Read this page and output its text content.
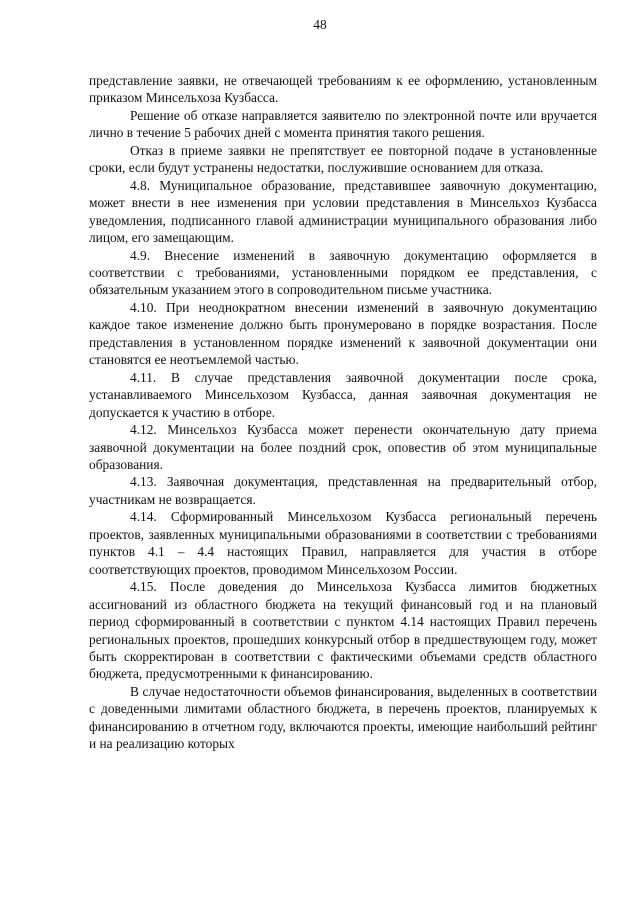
48

представление заявки, не отвечающей требованиям к ее оформлению, установленным приказом Минсельхоза Кузбасса.

Решение об отказе направляется заявителю по электронной почте или вручается лично в течение 5 рабочих дней с момента принятия такого решения.

Отказ в приеме заявки не препятствует ее повторной подаче в установленные сроки, если будут устранены недостатки, послужившие основанием для отказа.

4.8. Муниципальное образование, представившее заявочную документацию, может внести в нее изменения при условии представления в Минсельхоз Кузбасса уведомления, подписанного главой администрации муниципального образования либо лицом, его замещающим.

4.9. Внесение изменений в заявочную документацию оформляется в соответствии с требованиями, установленными порядком ее представления, с обязательным указанием этого в сопроводительном письме участника.

4.10. При неоднократном внесении изменений в заявочную документацию каждое такое изменение должно быть пронумеровано в порядке возрастания. После представления в установленном порядке изменений к заявочной документации они становятся ее неотъемлемой частью.

4.11. В случае представления заявочной документации после срока, устанавливаемого Минсельхозом Кузбасса, данная заявочная документация не допускается к участию в отборе.

4.12. Минсельхоз Кузбасса может перенести окончательную дату приема заявочной документации на более поздний срок, оповестив об этом муниципальные образования.

4.13. Заявочная документация, представленная на предварительный отбор, участникам не возвращается.

4.14. Сформированный Минсельхозом Кузбасса региональный перечень проектов, заявленных муниципальными образованиями в соответствии с требованиями пунктов 4.1 – 4.4 настоящих Правил, направляется для участия в отборе соответствующих проектов, проводимом Минсельхозом России.

4.15. После доведения до Минсельхоза Кузбасса лимитов бюджетных ассигнований из областного бюджета на текущий финансовый год и на плановый период сформированный в соответствии с пунктом 4.14 настоящих Правил перечень региональных проектов, прошедших конкурсный отбор в предшествующем году, может быть скорректирован в соответствии с фактическими объемами средств областного бюджета, предусмотренными к финансированию.

В случае недостаточности объемов финансирования, выделенных в соответствии с доведенными лимитами областного бюджета, в перечень проектов, планируемых к финансированию в отчетном году, включаются проекты, имеющие наибольший рейтинг и на реализацию которых
